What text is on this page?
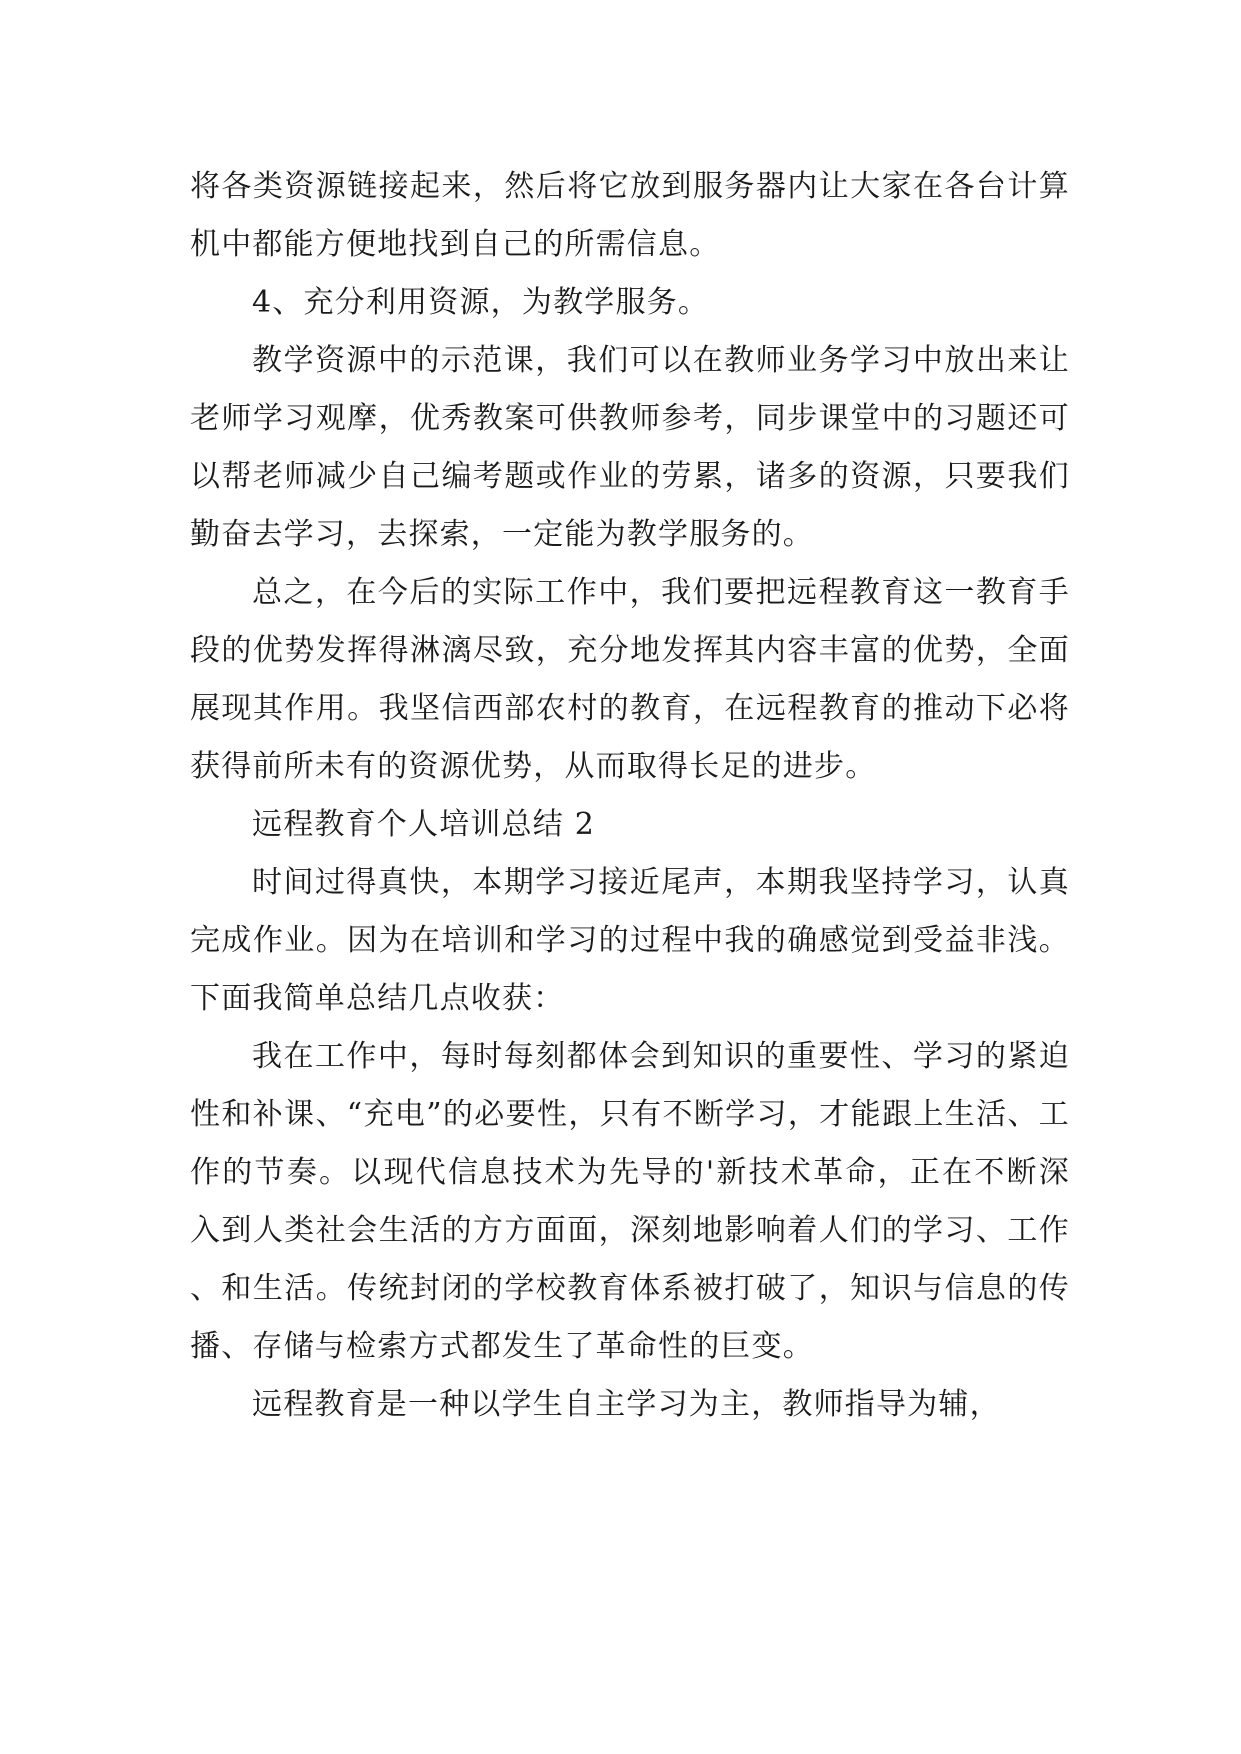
将各类资源链接起来，然后将它放到服务器内让大家在各台计算机中都能方便地找到自己的所需信息。

4、充分利用资源，为教学服务。

教学资源中的示范课，我们可以在教师业务学习中放出来让老师学习观摩，优秀教案可供教师参考，同步课堂中的习题还可以帮老师减少自己编考题或作业的劳累，诸多的资源，只要我们勤奋去学习，去探索，一定能为教学服务的。

总之，在今后的实际工作中，我们要把远程教育这一教育手段的优势发挥得淋漓尽致，充分地发挥其内容丰富的优势，全面展现其作用。我坚信西部农村的教育，在远程教育的推动下必将获得前所未有的资源优势，从而取得长足的进步。

远程教育个人培训总结 2

时间过得真快，本期学习接近尾声，本期我坚持学习，认真完成作业。因为在培训和学习的过程中我的确感觉到受益非浅。下面我简单总结几点收获：

我在工作中，每时每刻都体会到知识的重要性、学习的紧迫性和补课、“充电”的必要性，只有不断学习，才能跟上生活、工作的节奏。以现代信息技术为先导的'新技术革命，正在不断深入到人类社会生活的方方面面，深刻地影响着人们的学习、工作、和生活。传统封闭的学校教育体系被打破了，知识与信息的传播、存储与检索方式都发生了革命性的巨变。

远程教育是一种以学生自主学习为主，教师指导为辅，
